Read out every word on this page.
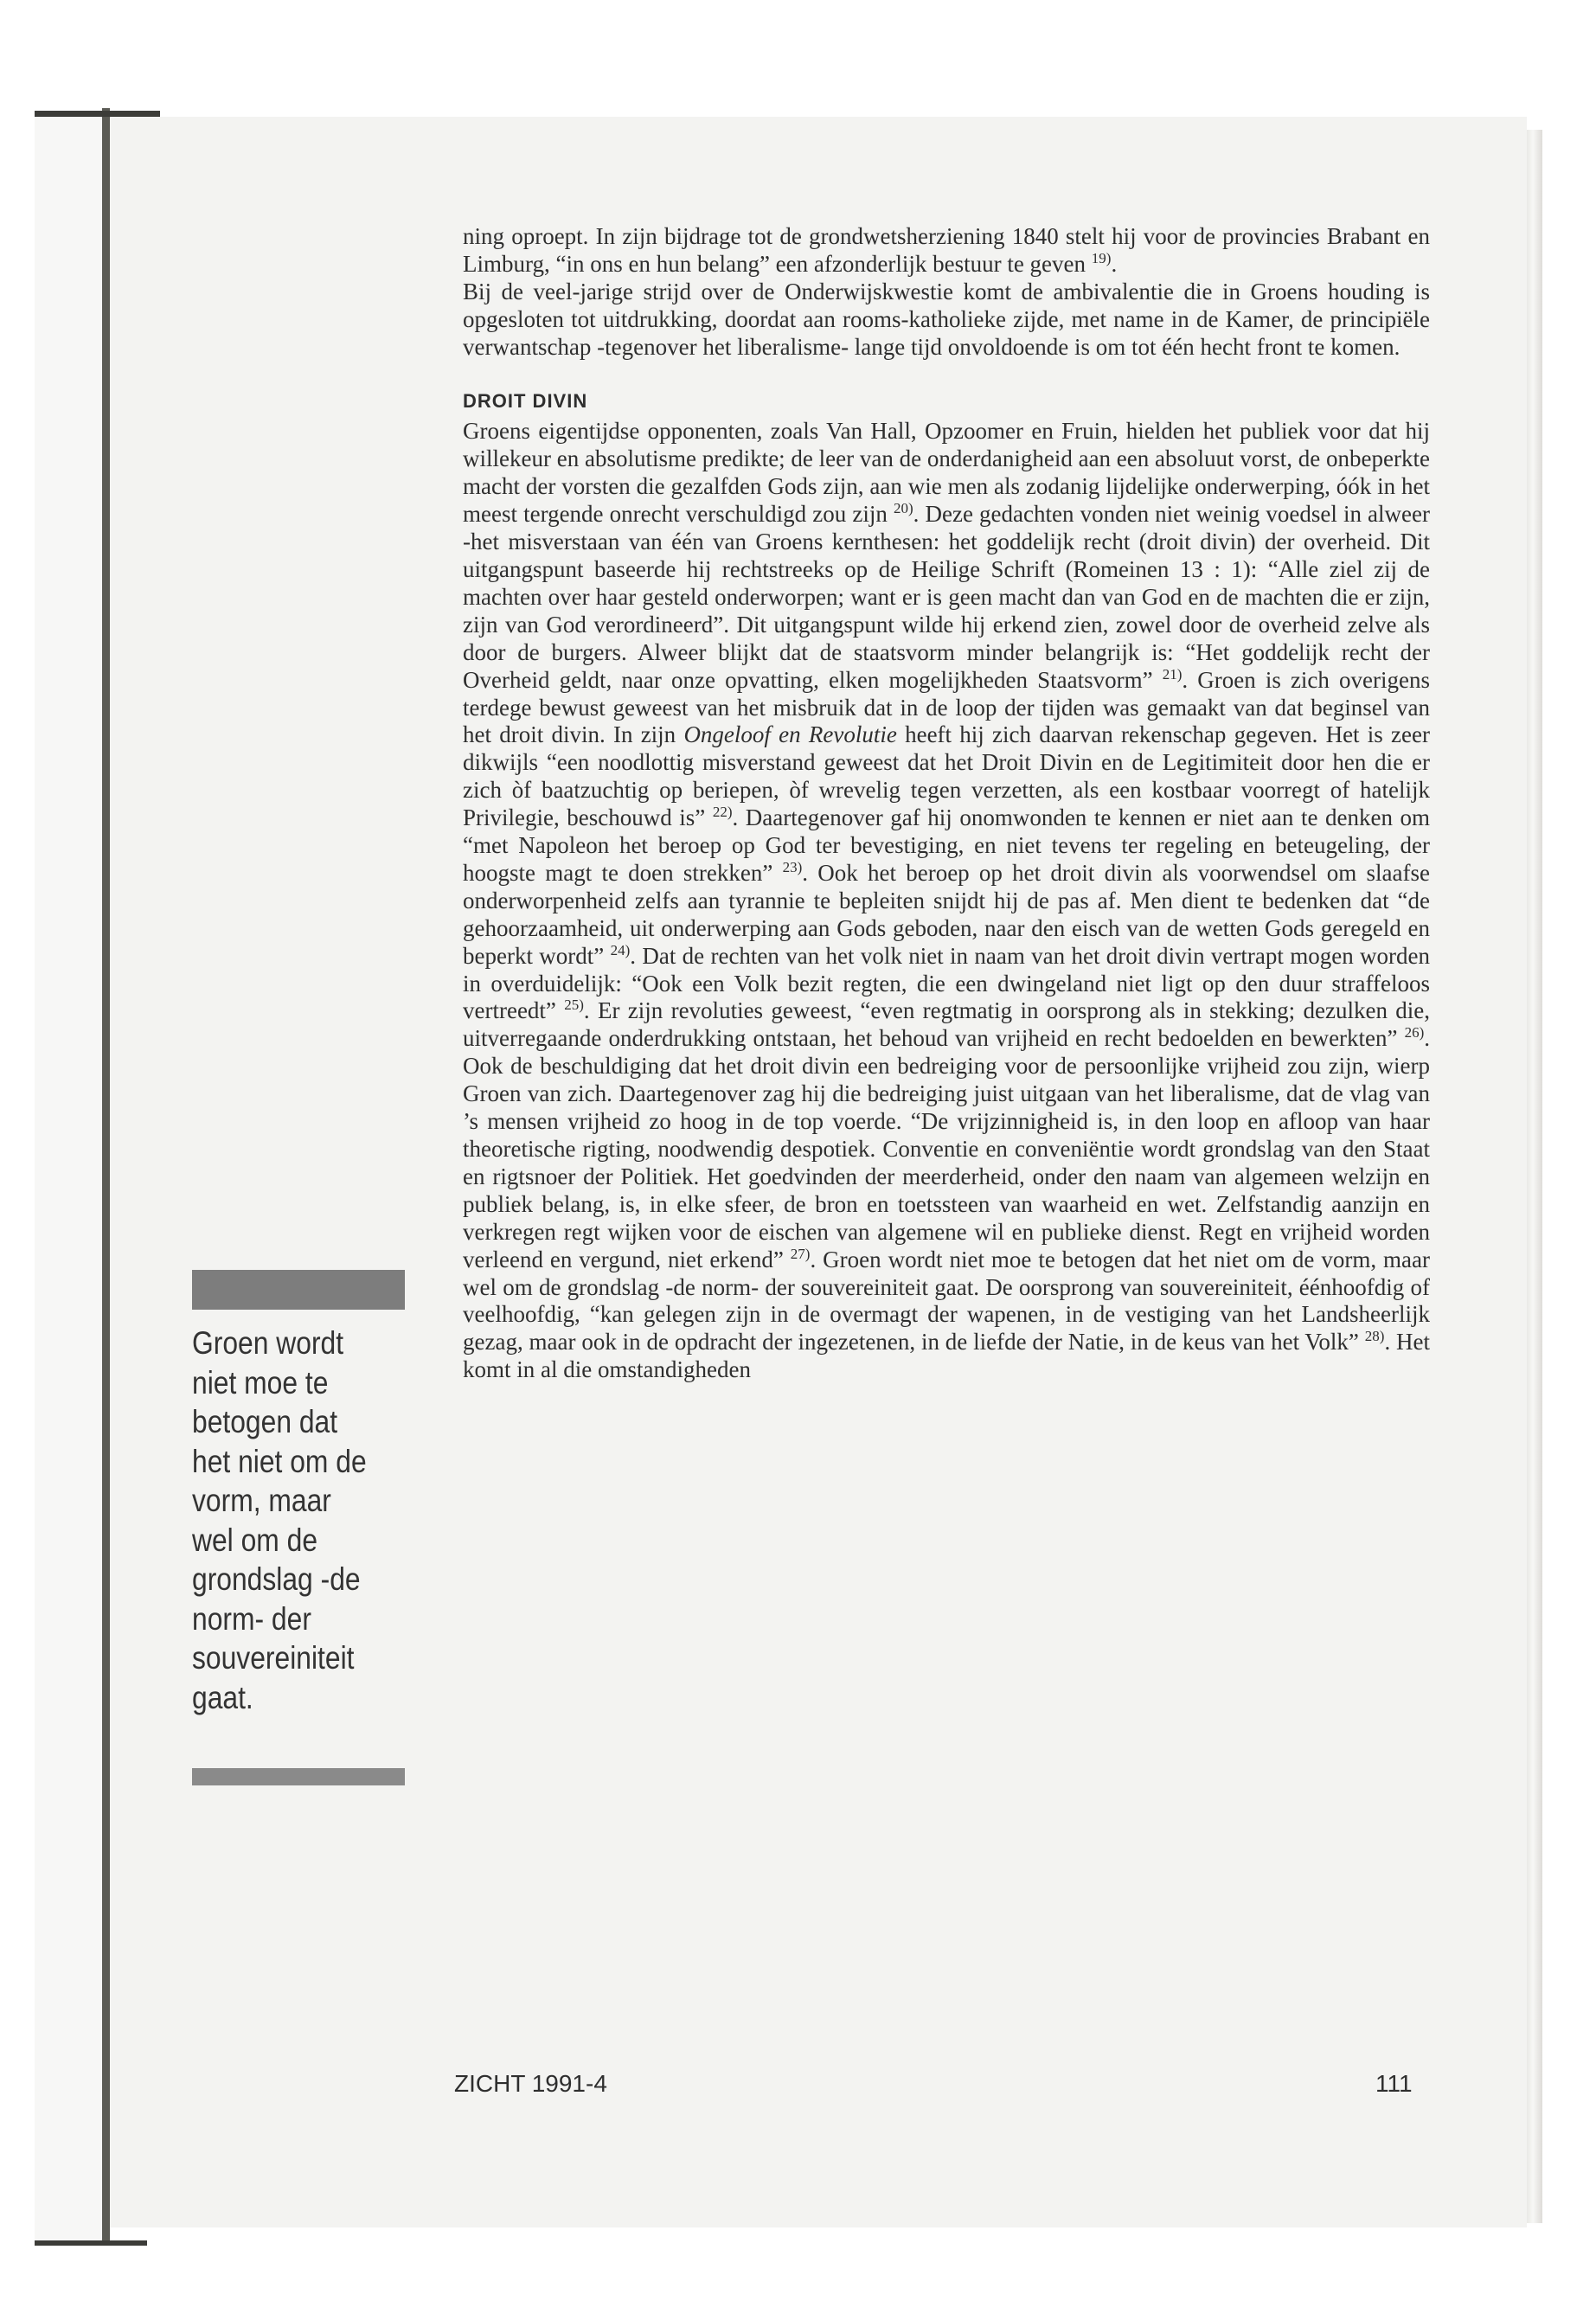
ning oproept. In zijn bijdrage tot de grondwetsherziening 1840 stelt hij voor de provincies Brabant en Limburg, “in ons en hun belang” een afzonderlijk bestuur te geven $^{19)}$.

Bij de veel-jarige strijd over de Onderwijskwestie komt de ambivalentie die in Groens houding is opgesloten tot uitdrukking, doordat aan rooms-katholieke zijde, met name in de Kamer, de principiële verwantschap -tegenover het liberalisme- lange tijd onvoldoende is om tot één hecht front te komen.

DROIT DIVIN

Groens eigentijdse opponenten, zoals Van Hall, Opzoomer en Fruin, hielden het publiek voor dat hij willekeur en absolutisme predikte; de leer van de onderdanigheid aan een absoluut vorst, de onbeperkte macht der vorsten die gezalfden Gods zijn, aan wie men als zodanig lijdelijke onderwerping, óók in het meest tergende onrecht verschuldigd zou zijn $^{20)}$. Deze gedachten vonden niet weinig voedsel in alweer -het misverstaan van één van Groens kernthesen: het goddelijk recht (droit divin) der overheid. Dit uitgangspunt baseerde hij rechtstreeks op de Heilige Schrift (Romeinen 13 : 1): “Alle ziel zij de machten over haar gesteld onderworpen; want er is geen macht dan van God en de machten die er zijn, zijn van God verordineerd”. Dit uitgangspunt wilde hij erkend zien, zowel door de overheid zelve als door de burgers. Alweer blijkt dat de staatsvorm minder belangrijk is: “Het goddelijk recht der Overheid geldt, naar onze opvatting, elken mogelijkheden Staatsvorm” $^{21)}$. Groen is zich overigens terdege bewust geweest van het misbruik dat in de loop der tijden was gemaakt van dat beginsel van het droit divin. In zijn Ongeloof en Revolutie heeft hij zich daarvan rekenschap gegeven. Het is zeer dikwijls “een noodlottig misverstand geweest dat het Droit Divin en de Legitimiteit door hen die er zich òf baatzuchtig op beriepen, òf wrevelig tegen verzetten, als een kostbaar voorregt of hatelijk Privilegie, beschouwd is” $^{22)}$. Daartegenover gaf hij onomwonden te kennen er niet aan te denken om “met Napoleon het beroep op God ter bevestiging, en niet tevens ter regeling en beteugeling, der hoogste magt te doen strekken” $^{23)}$. Ook het beroep op het droit divin als voorwendsel om slaafse onderworpenheid zelfs aan tyrannie te bepleiten snijdt hij de pas af. Men dient te bedenken dat “de gehoorzaamheid, uit onderwerping aan Gods geboden, naar den eisch van de wetten Gods geregeld en beperkt wordt” $^{24)}$. Dat de rechten van het volk niet in naam van het droit divin vertrapt mogen worden in overduidelijk: “Ook een Volk bezit regten, die een dwingeland niet ligt op den duur straffeloos vertreedt” $^{25)}$. Er zijn revoluties geweest, “even regtmatig in oorsprong als in stekking; dezulken die, uitverregaande onderdrukking ontstaan, het behoud van vrijheid en recht bedoelden en bewerkten” $^{26)}$. Ook de beschuldiging dat het droit divin een bedreiging voor de persoonlijke vrijheid zou zijn, wierp Groen van zich. Daartegenover zag hij die bedreiging juist uitgaan van het liberalisme, dat de vlag van ’s mensen vrijheid zo hoog in de top voerde. “De vrijzinnigheid is, in den loop en afloop van haar theoretische rigting, noodwendig despotiek. Conventie en conveniëntie wordt grondslag van den Staat en rigtsnoer der Politiek. Het goedvinden der meerderheid, onder den naam van algemeen welzijn en publiek belang, is, in elke sfeer, de bron en toetssteen van waarheid en wet. Zelfstandig aanzijn en verkregen regt wijken voor de eischen van algemene wil en publieke dienst. Regt en vrijheid worden verleend en vergund, niet erkend” $^{27)}$. Groen wordt niet moe te betogen dat het niet om de vorm, maar wel om de grondslag -de norm- der souvereiniteit gaat. De oorsprong van souvereiniteit, éénhoofdig of veelhoofdig, “kan gelegen zijn in de overmagt der wapenen, in de vestiging van het Landsheerlijk gezag, maar ook in de opdracht der ingezetenen, in de liefde der Natie, in de keus van het Volk” $^{28)}$. Het komt in al die omstandigheden

Groen wordt
niet moe te
betogen dat
het niet om de
vorm, maar
wel om de
grondslag -de
norm- der
souvereiniteit
gaat.
ZICHT 1991-4	111
